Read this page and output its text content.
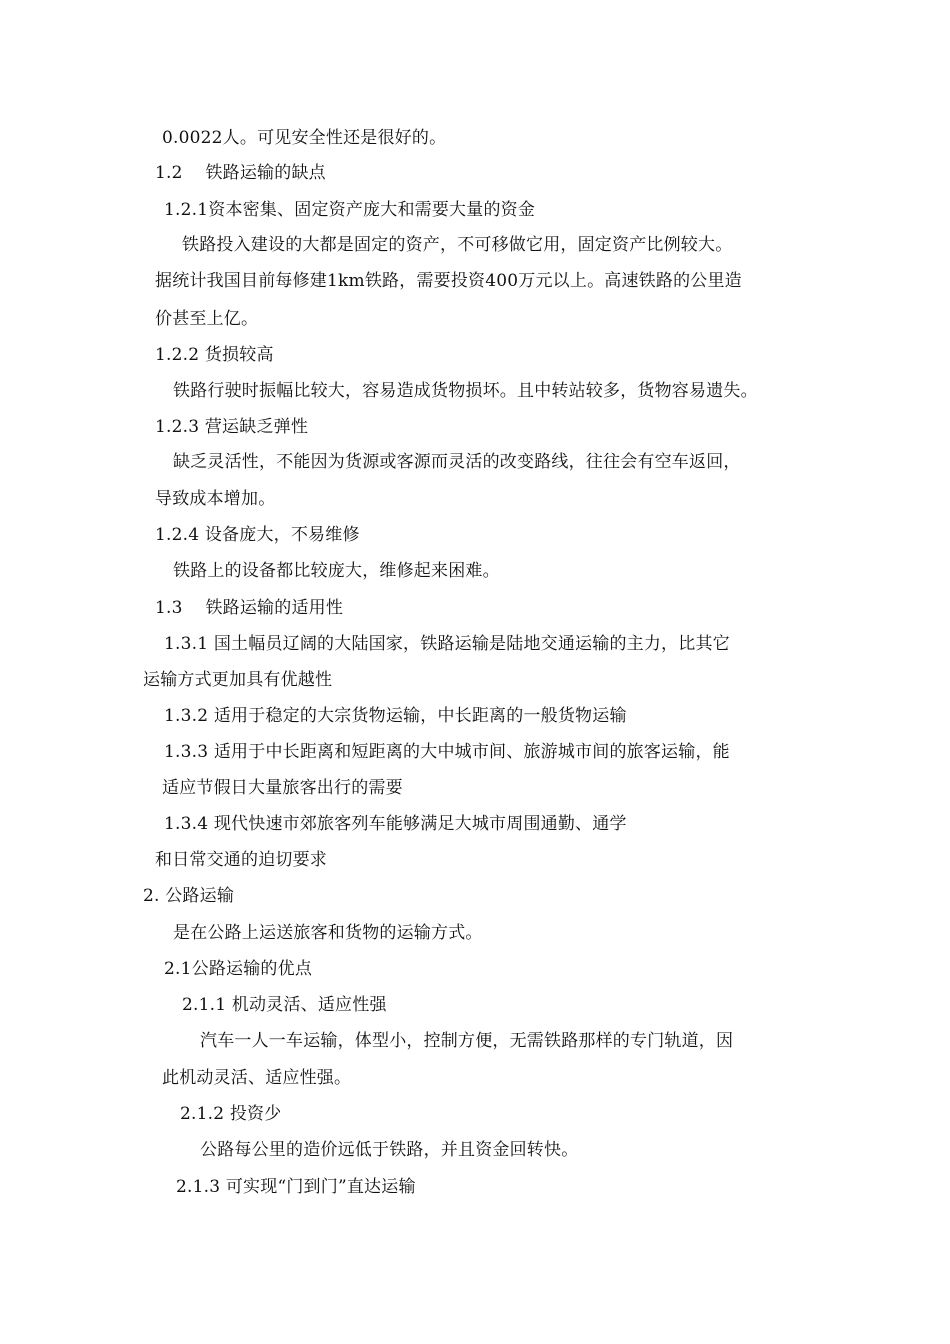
0.0022人。可见安全性还是很好的。
1.2　 铁路运输的缺点
1.2.1资本密集、固定资产庞大和需要大量的资金
铁路投入建设的大都是固定的资产，不可移做它用，固定资产比例较大。
据统计我国目前每修建1km铁路，需要投资400万元以上。高速铁路的公里造
价甚至上亿。
1.2.2 货损较高
铁路行驶时振幅比较大，容易造成货物损坏。且中转站较多，货物容易遗失。
1.2.3 营运缺乏弹性
缺乏灵活性，不能因为货源或客源而灵活的改变路线，往往会有空车返回，
导致成本增加。
1.2.4 设备庞大，不易维修
铁路上的设备都比较庞大，维修起来困难。
1.3　 铁路运输的适用性
1.3.1 国土幅员辽阔的大陆国家，铁路运输是陆地交通运输的主力，比其它
运输方式更加具有优越性
1.3.2 适用于稳定的大宗货物运输，中长距离的一般货物运输
1.3.3 适用于中长距离和短距离的大中城市间、旅游城市间的旅客运输，能
适应节假日大量旅客出行的需要
1.3.4 现代快速市郊旅客列车能够满足大城市周围通勤、通学
和日常交通的迫切要求
2. 公路运输
是在公路上运送旅客和货物的运输方式。
2.1公路运输的优点
2.1.1 机动灵活、适应性强
汽车一人一车运输，体型小，控制方便，无需铁路那样的专门轨道，因
此机动灵活、适应性强。
2.1.2 投资少
公路每公里的造价远低于铁路，并且资金回转快。
2.1.3 可实现“门到门”直达运输
